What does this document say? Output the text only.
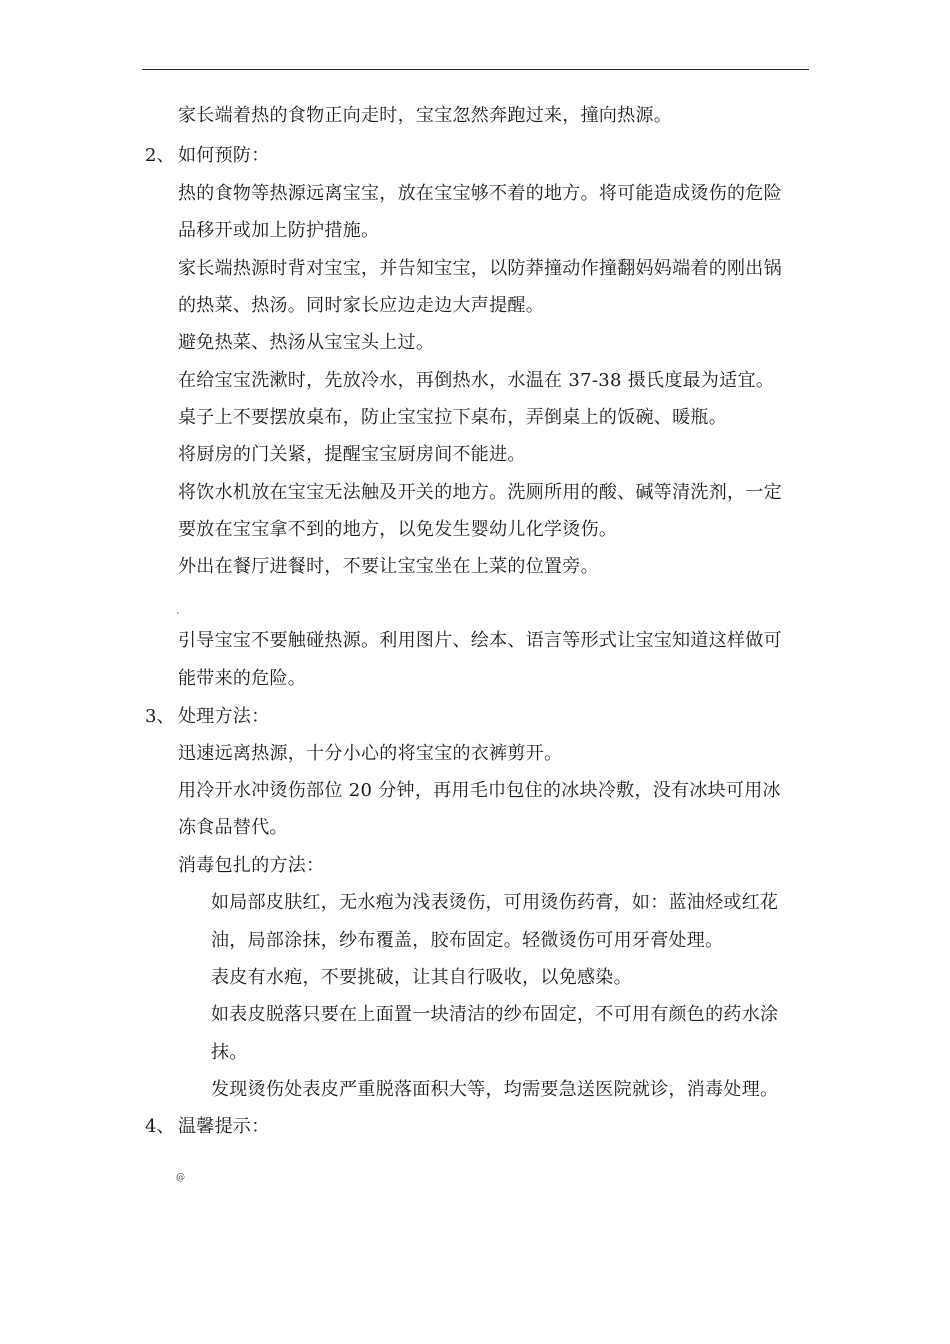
家长端着热的食物正向走时，宝宝忽然奔跑过来，撞向热源。
2、 如何预防：
热的食物等热源远离宝宝，放在宝宝够不着的地方。将可能造成烫伤的危险
品移开或加上防护措施。
家长端热源时背对宝宝，并告知宝宝，以防莽撞动作撞翻妈妈端着的刚出锅
的热菜、热汤。同时家长应边走边大声提醒。
避免热菜、热汤从宝宝头上过。
在给宝宝洗漱时，先放冷水，再倒热水，水温在 37-38 摄氏度最为适宜。
桌子上不要摆放桌布，防止宝宝拉下桌布，弄倒桌上的饭碗、暖瓶。
将厨房的门关紧，提醒宝宝厨房间不能进。
将饮水机放在宝宝无法触及开关的地方。洗厕所用的酸、碱等清洗剂，一定
要放在宝宝拿不到的地方，以免发生婴幼儿化学烫伤。
外出在餐厅进餐时，不要让宝宝坐在上菜的位置旁。
`
引导宝宝不要触碰热源。利用图片、绘本、语言等形式让宝宝知道这样做可
能带来的危险。
3、 处理方法：
迅速远离热源，十分小心的将宝宝的衣裤剪开。
用冷开水冲烫伤部位 20 分钟，再用毛巾包住的冰块冷敷，没有冰块可用冰
冻食品替代。
消毒包扎的方法：
如局部皮肤红，无水疱为浅表烫伤，可用烫伤药膏，如：蓝油烃或红花
油，局部涂抹，纱布覆盖，胶布固定。轻微烫伤可用牙膏处理。
表皮有水疱，不要挑破，让其自行吸收，以免感染。
如表皮脱落只要在上面置一块清洁的纱布固定，不可用有颜色的药水涂
抹。
发现烫伤处表皮严重脱落面积大等，均需要急送医院就诊，消毒处理。
4、 温馨提示：
@
